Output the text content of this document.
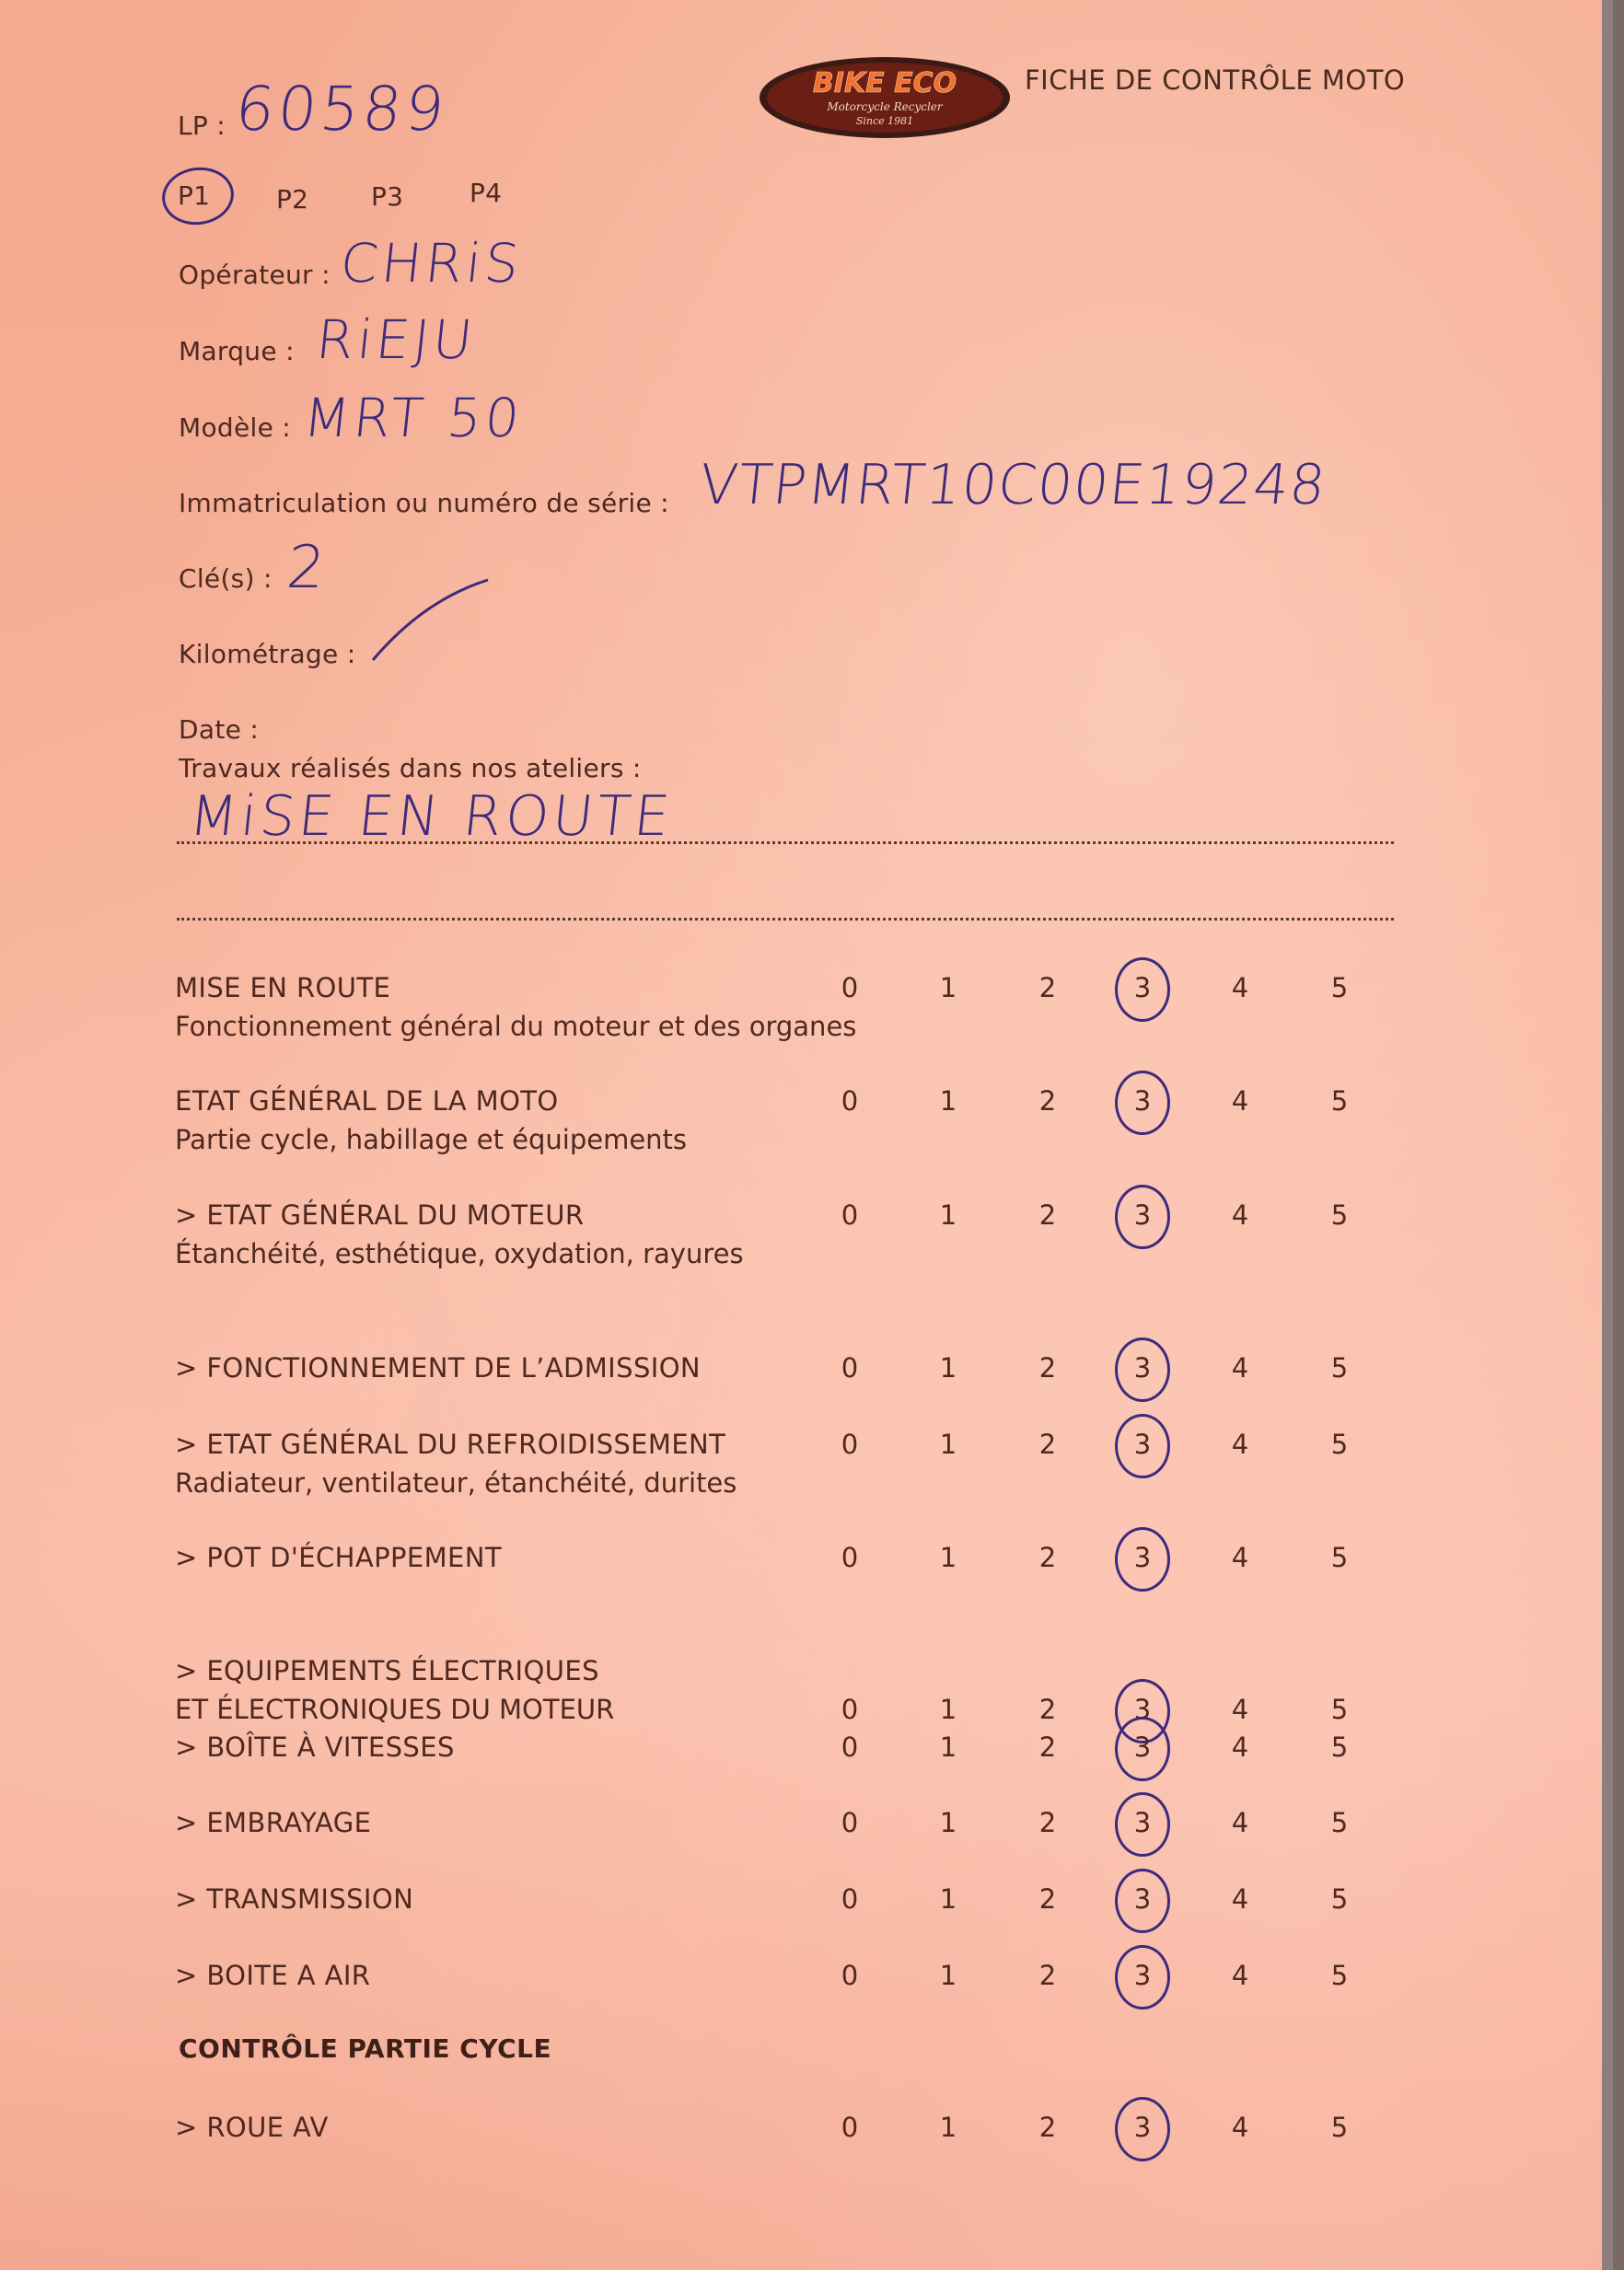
BIKE ECO
Motorcycle Recycler
Since 1981
FICHE DE CONTRÔLE MOTO
LP : 60589
P1	P2 P3	P4
Opérateur : CHRiS
Marque : RiEJU
Modèle : MRT 50
Immatriculation ou numéro de série : VTPMRT10C00E19248
Clé(s) : 2
Kilométrage :
Date :
Travaux réalisés dans nos ateliers :
MiSE EN ROUTE
MISE EN ROUTE
Fonctionnement général du moteur et des organes
0	1	2	3	4	5
ETAT GÉNÉRAL DE LA MOTO
Partie cycle, habillage et équipements
0	1	2	3	4	5
> ETAT GÉNÉRAL DU MOTEUR
Étanchéité, esthétique, oxydation, rayures
0	1	2	3	4	5
> FONCTIONNEMENT DE L’ADMISSION	0	1	2	3	4	5
> ETAT GÉNÉRAL DU REFROIDISSEMENT
Radiateur, ventilateur, étanchéité, durites
0	1	2	3	4	5
> POT D'ÉCHAPPEMENT	0	1	2	3	4	5
> EQUIPEMENTS ÉLECTRIQUES
ET ÉLECTRONIQUES DU MOTEUR	0	1	2	3	4	5
> BOÎTE À VITESSES	0	1	2	3	4	5
> EMBRAYAGE	0	1	2	3	4	5
> TRANSMISSION	0	1	2	3	4	5
> BOITE A AIR	0	1	2	3	4	5
CONTRÔLE PARTIE CYCLE
> ROUE AV	0	1	2	3	4	5
